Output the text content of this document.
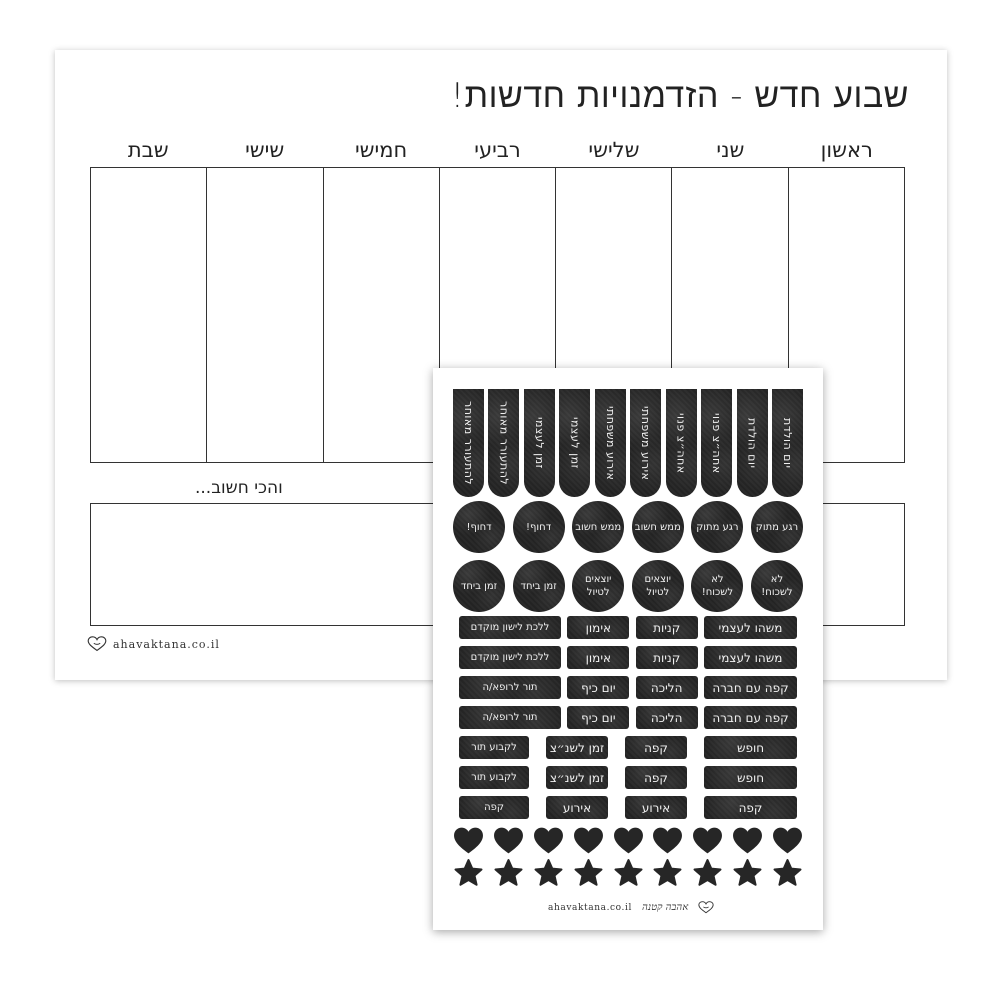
שבוע חדש - הזדמנויות חדשות!
ראשון
שני
שלישי
רביעי
חמישי
שישי
שבת
והכי חשוב...
ahavaktana.co.il
יום הולדת
יום הולדת
אחה״צ פנוי
אחה״צ פנוי
אירוע משפחתי
אירוע משפחתי
זמן לעצמי
זמן לעצמי
להתעורר מאוחר
להתעורר מאוחר
רגע מתוק
רגע מתוק
ממש חשוב
ממש חשוב
דחוף!
דחוף!
לא לשכוח!
לא לשכוח!
יוצאים לטיול
יוצאים לטיול
זמן ביחד
זמן ביחד
משהו לעצמי
קניות
אימון
ללכת לישון מוקדם
משהו לעצמי
קניות
אימון
ללכת לישון מוקדם
קפה עם חברה
הליכה
יום כיף
תור לרופא/ה
קפה עם חברה
הליכה
יום כיף
תור לרופא/ה
חופש
קפה
זמן לשנ״צ
לקבוע תור
חופש
קפה
זמן לשנ״צ
לקבוע תור
קפה
אירוע
אירוע
קפה
ahavaktana.co.il אהבה קטנה
